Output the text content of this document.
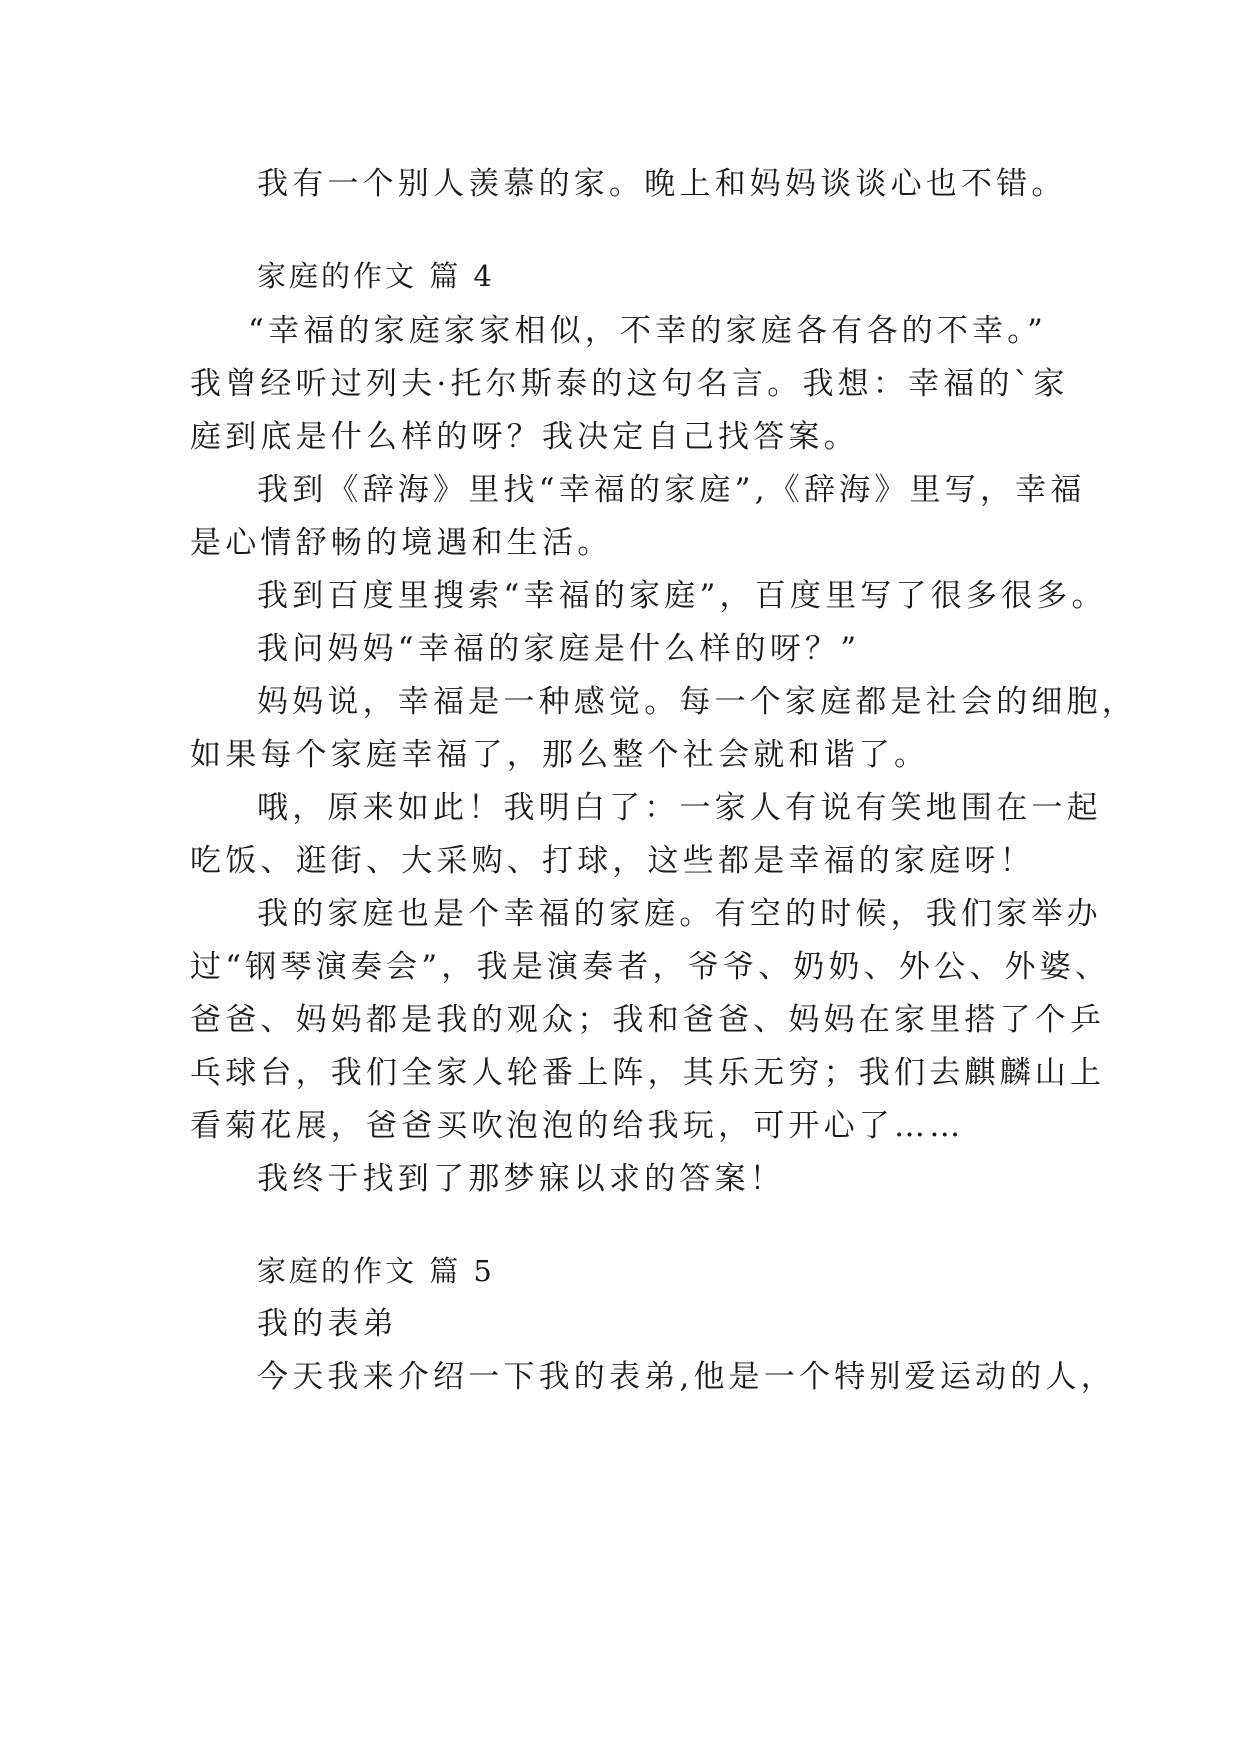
我有一个别人羡慕的家。晚上和妈妈谈谈心也不错。
家庭的作文 篇 4
“幸福的家庭家家相似，不幸的家庭各有各的不幸。”
我曾经听过列夫·托尔斯泰的这句名言。我想：幸福的`家
庭到底是什么样的呀？我决定自己找答案。
我到《辞海》里找“幸福的家庭”,《辞海》里写，幸福
是心情舒畅的境遇和生活。
我到百度里搜索“幸福的家庭”，百度里写了很多很多。
我问妈妈“幸福的家庭是什么样的呀？”
妈妈说，幸福是一种感觉。每一个家庭都是社会的细胞，
如果每个家庭幸福了，那么整个社会就和谐了。
哦，原来如此！我明白了：一家人有说有笑地围在一起
吃饭、逛街、大采购、打球，这些都是幸福的家庭呀！
我的家庭也是个幸福的家庭。有空的时候，我们家举办
过“钢琴演奏会”，我是演奏者，爷爷、奶奶、外公、外婆、
爸爸、妈妈都是我的观众；我和爸爸、妈妈在家里搭了个乒
乓球台，我们全家人轮番上阵，其乐无穷；我们去麒麟山上
看菊花展，爸爸买吹泡泡的给我玩，可开心了……
我终于找到了那梦寐以求的答案！
家庭的作文 篇 5
我的表弟
今天我来介绍一下我的表弟,他是一个特别爱运动的人，
